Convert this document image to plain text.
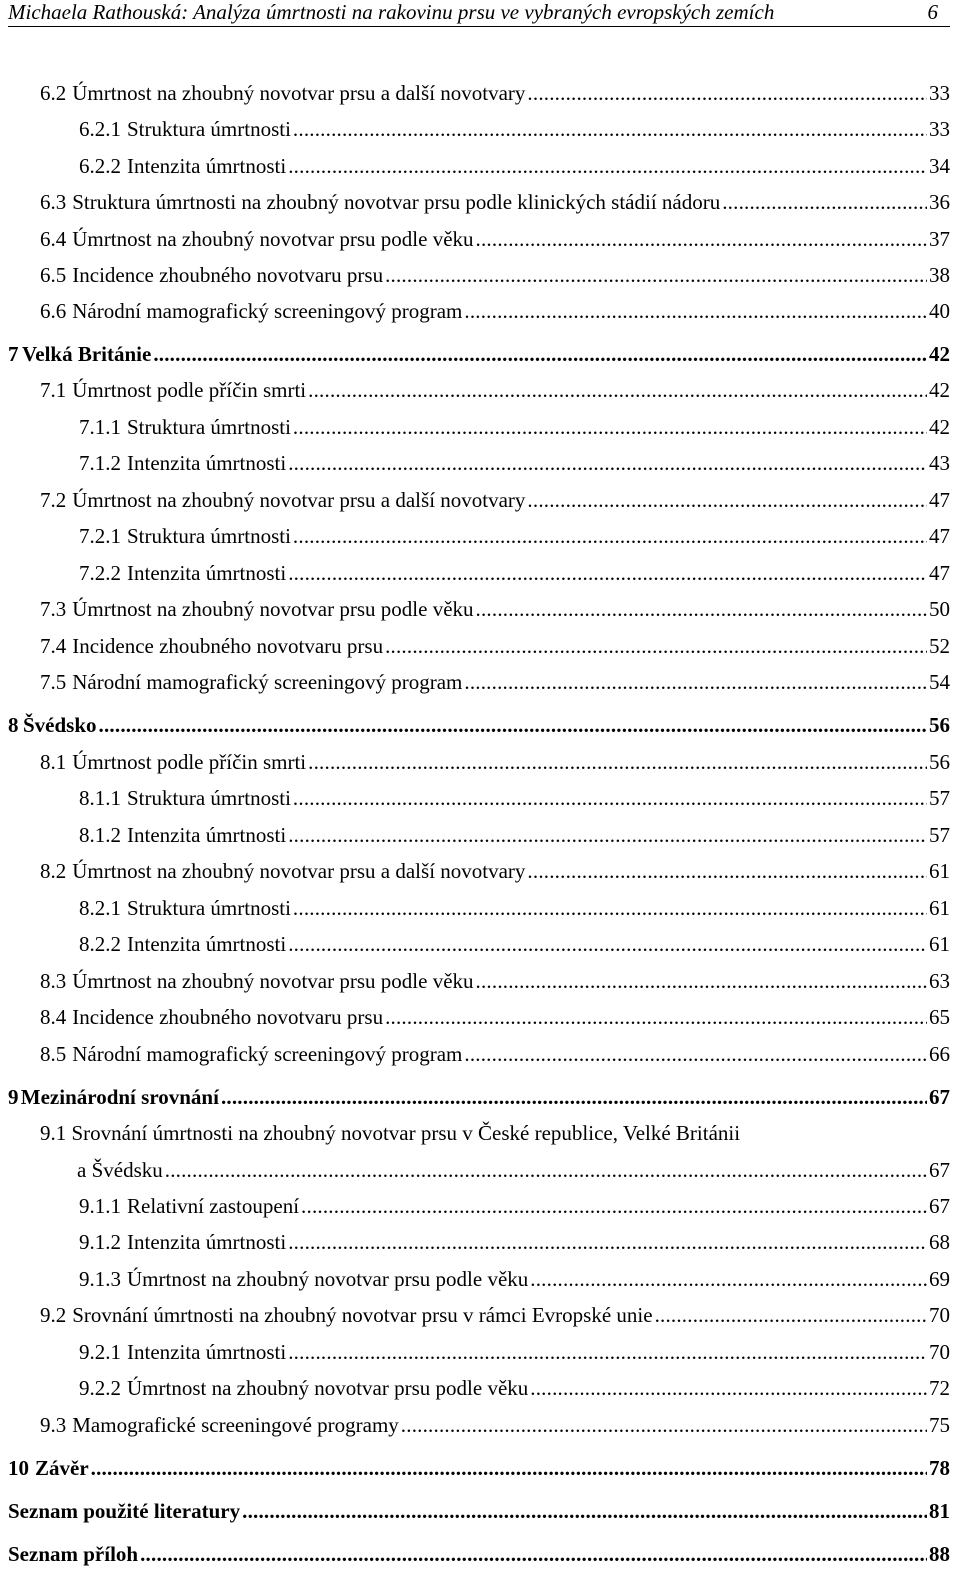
Michaela Rathouská: Analýza úmrtnosti na rakovinu prsu ve vybraných evropských zemích	6
6.2 Úmrtnost na zhoubný novotvar prsu a další novotvary .....	33
6.2.1 Struktura úmrtnosti .....	33
6.2.2 Intenzita úmrtnosti .....	34
6.3 Struktura úmrtnosti na zhoubný novotvar prsu podle klinických stádií nádoru .....	36
6.4 Úmrtnost na zhoubný novotvar prsu podle věku .....	37
6.5 Incidence zhoubného novotvaru prsu .....	38
6.6 Národní mamografický screeningový program .....	40
7 Velká Británie .....	42
7.1 Úmrtnost podle příčin smrti .....	42
7.1.1 Struktura úmrtnosti .....	42
7.1.2 Intenzita úmrtnosti .....	43
7.2 Úmrtnost na zhoubný novotvar prsu a další novotvary .....	47
7.2.1 Struktura úmrtnosti .....	47
7.2.2 Intenzita úmrtnosti .....	47
7.3 Úmrtnost na zhoubný novotvar prsu podle věku .....	50
7.4 Incidence zhoubného novotvaru prsu .....	52
7.5 Národní mamografický screeningový program .....	54
8 Švédsko .....	56
8.1 Úmrtnost podle příčin smrti .....	56
8.1.1 Struktura úmrtnosti .....	57
8.1.2 Intenzita úmrtnosti .....	57
8.2 Úmrtnost na zhoubný novotvar prsu a další novotvary .....	61
8.2.1 Struktura úmrtnosti .....	61
8.2.2 Intenzita úmrtnosti .....	61
8.3 Úmrtnost na zhoubný novotvar prsu podle věku .....	63
8.4 Incidence zhoubného novotvaru prsu .....	65
8.5 Národní mamografický screeningový program .....	66
9 Mezinárodní srovnání .....	67
9.1 Srovnání úmrtnosti na zhoubný novotvar prsu v České republice, Velké Británii
a Švédsku .....	67
9.1.1 Relativní zastoupení .....	67
9.1.2 Intenzita úmrtnosti .....	68
9.1.3 Úmrtnost na zhoubný novotvar prsu podle věku .....	69
9.2 Srovnání úmrtnosti na zhoubný novotvar prsu v rámci Evropské unie .....	70
9.2.1 Intenzita úmrtnosti .....	70
9.2.2 Úmrtnost na zhoubný novotvar prsu podle věku .....	72
9.3 Mamografické screeningové programy .....	75
10 Závěr .....	78
Seznam použité literatury .....	81
Seznam příloh .....	88
